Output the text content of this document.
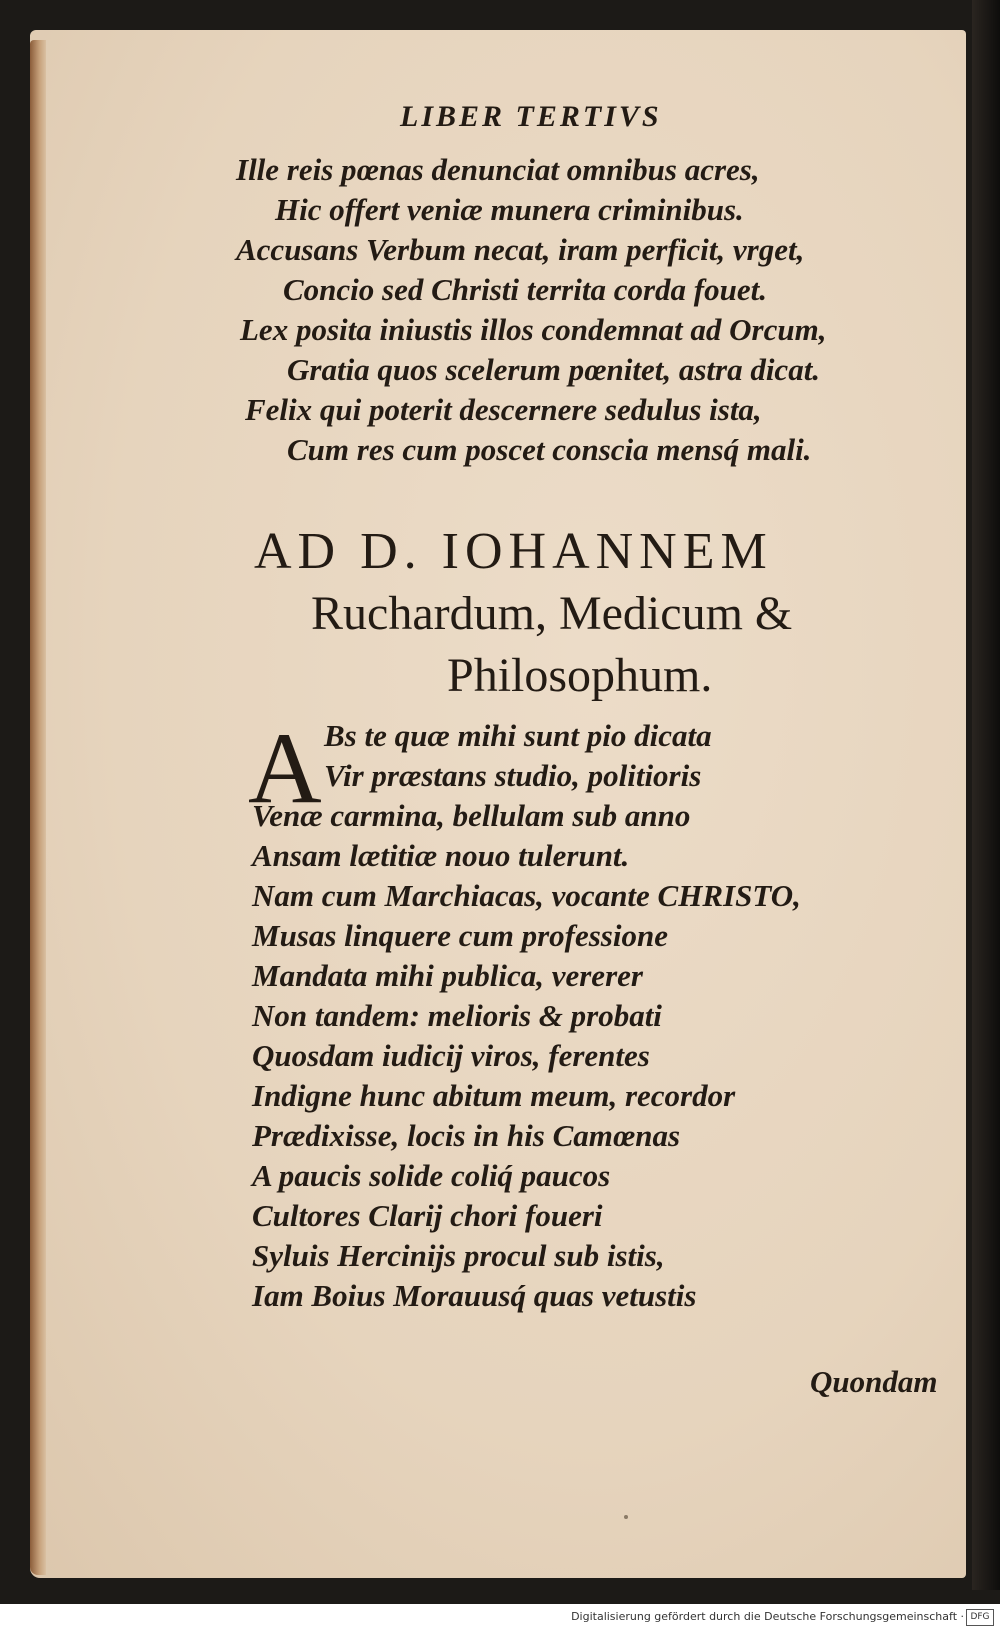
LIBER TERTIVS
Ille reis pœnas denunciat omnibus acres,
Hic offert veniæ munera criminibus.
Accusans Verbum necat, iram perficit, vrget,
Concio sed Christi territa corda fouet.
Lex posita iniustis illos condemnat ad Orcum,
Gratia quos scelerum pœnitet, astra dicat.
Felix qui poterit descernere sedulus ista,
Cum res cum poscet conscia mensq́ mali.
AD D. IOHANNEM
Ruchardum, Medicum &
Philosophum.
A Bs te quæ mihi sunt pio dicata
Vir præstans studio, politioris
Venæ carmina, bellulam sub anno
Ansam lætitiæ nouo tulerunt.
Nam cum Marchiacas, vocante CHRISTO,
Musas linquere cum professione
Mandata mihi publica, vererer
Non tandem: melioris & probati
Quosdam iudicij viros, ferentes
Indigne hunc abitum meum, recordor
Prædixisse, locis in his Camœnas
A paucis solide coliq́ paucos
Cultores Clarij chori foueri
Syluis Hercinijs procul sub istis,
Iam Boius Morauusq́ quas vetustis
Quondam
Digitalisierung gefördert durch die Deutsche Forschungsgemeinschaft · DFG
